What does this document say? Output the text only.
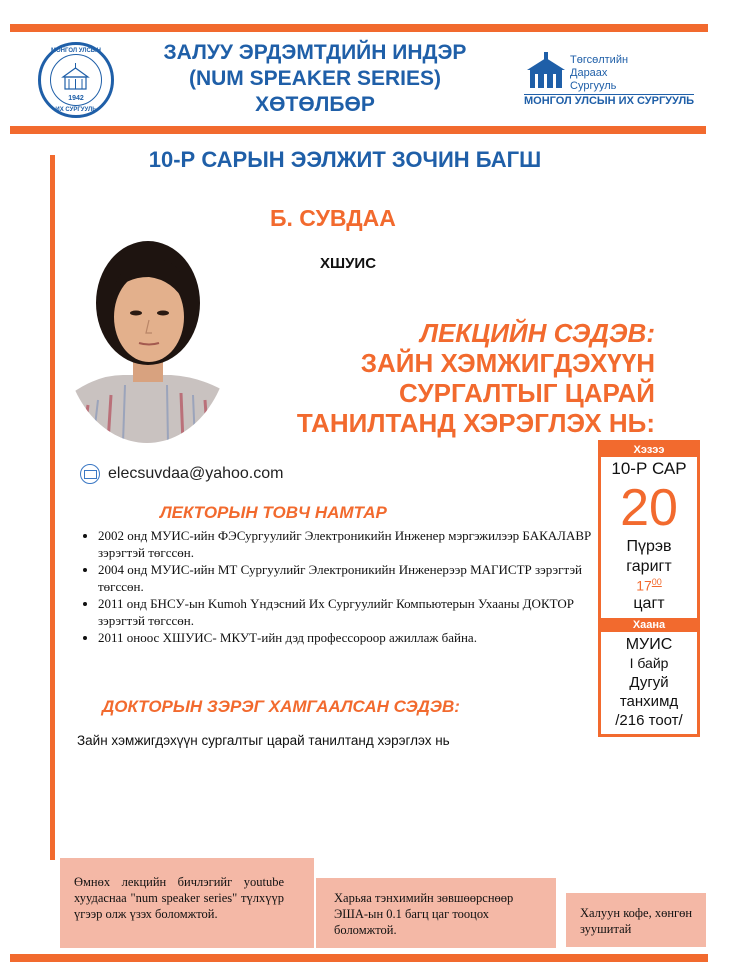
МОНГОЛ УЛСЫН
ИХ СУРГУУЛЬ
1942
ЗАЛУУ ЭРДЭМТДИЙН ИНДЭР
(NUM SPEAKER SERIES)
ХӨТӨЛБӨР
Төгсөлтийн
Дараах
Сургууль
МОНГОЛ УЛСЫН ИХ СУРГУУЛЬ
10-Р САРЫН ЭЭЛЖИТ ЗОЧИН БАГШ
Б. СУВДАА
ХШУИС
ЛЕКЦИЙН СЭДЭВ:
ЗАЙН ХЭМЖИГДЭХҮҮН
СУРГАЛТЫГ ЦАРАЙ
ТАНИЛТАНД ХЭРЭГЛЭХ НЬ:
elecsuvdaa@yahoo.com
ЛЕКТОРЫН ТОВЧ НАМТАР
• 2002 онд МУИС-ийн ФЭСургуулийг Электроникийн Инженер мэргэжилээр БАКАЛАВР зэрэгтэй төгссөн.
• 2004 онд МУИС-ийн МТ Сургуулийг Электроникийн Инженерээр МАГИСТР зэрэгтэй төгссөн.
• 2011 онд БНСУ-ын Kumoh Үндэсний Их Сургуулийг Компьютерын Ухааны ДОКТОР зэрэгтэй төгссөн.
• 2011 оноос ХШУИС- МКУТ-ийн дэд профессороор ажиллаж байна.
ДОКТОРЫН ЗЭРЭГ ХАМГААЛСАН СЭДЭВ:
Зайн хэмжигдэхүүн сургалтыг царай танилтанд хэрэглэх нь
Хэзээ
10-Р САР
20
Пүрэв
гаригт
$17^{00}$
цагт
Хаана
МУИС
I байр
Дугуй
танхимд
/216 тоот/
Өмнөх лекцийн бичлэгийг youtube хуудаснаа "num speaker series" түлхүүр үгээр олж үзэх боломжтой.
Харьяа тэнхимийн зөвшөөрснөөр ЭША-ын 0.1 багц цаг тооцох боломжтой.
Халуун кофе, хөнгөн зуушитай
